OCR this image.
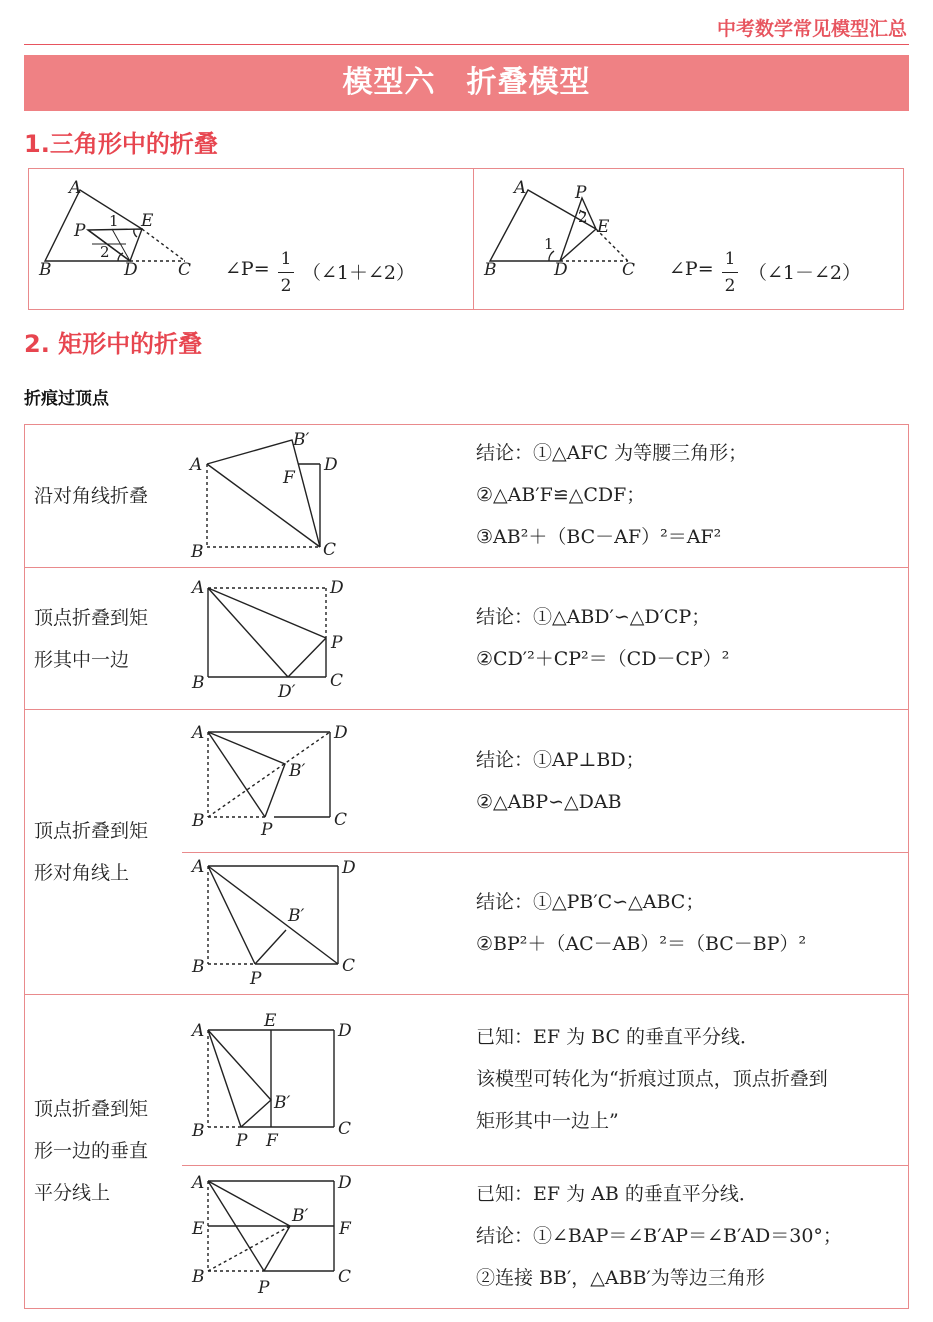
中考数学常见模型汇总
模型六　折叠模型
1.三角形中的折叠
A
P	E
B	D C
1
2
∠P= 1
2
（∠1＋∠2）
A	P
E
B	D	C
1
2
∠P= 1
2
（∠1－∠2）
2. 矩形中的折叠
折痕过顶点
沿对角线折叠
A
B′
F
D
B	C
结论：①△AFC 为等腰三角形；
②△AB′F≌△CDF；
③AB²＋（BC－AF）²＝AF²
顶点折叠到矩
形其中一边
A	D
P
B	C
D′
结论：①△ABD′∽△D′CP；
②CD′²＋CP²＝（CD－CP）²
顶点折叠到矩
形对角线上
A	D
B′
B	P	C
结论：①AP⊥BD；
②△ABP∽△DAB
A	D
B′
B
P
C
结论：①△PB′C∽△ABC；
②BP²＋（AC－AB）²＝（BC－BP）²
顶点折叠到矩
形一边的垂直
平分线上
A	E	D
B′
B P F
C
已知：EF 为 BC 的垂直平分线．
该模型可转化为“折痕过顶点，顶点折叠到
矩形其中一边上”
A	D
E
B′
F
B
P
C
已知：EF 为 AB 的垂直平分线．
结论：①∠BAP＝∠B′AP＝∠B′AD＝30°；
②连接 BB′，△ABB′为等边三角形
